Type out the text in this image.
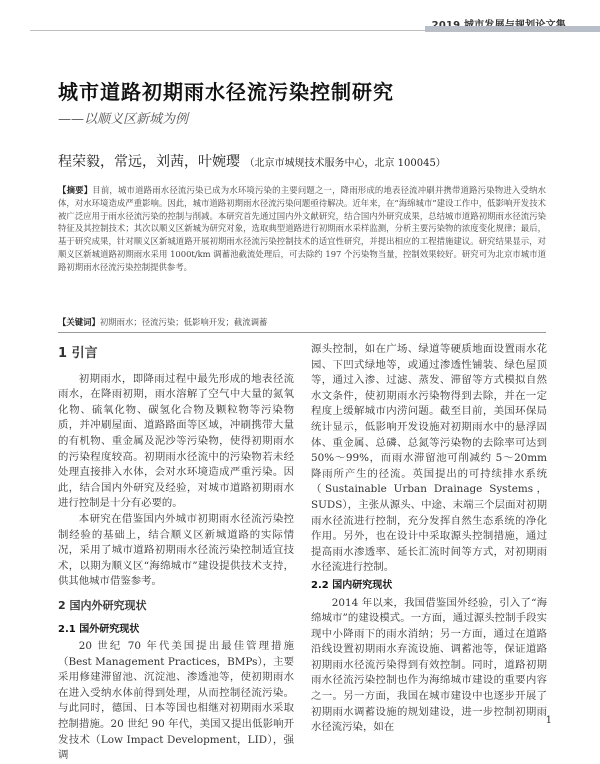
城市道路初期雨水径流污染控制研究

——以顺义区新城为例

程荣毅，常远，刘茜，叶婉璎 （北京市城规技术服务中心，北京 100045）
【摘要】目前，城市道路雨水径流污染已成为水环境污染的主要问题之一，降雨形成的地表径流冲刷并携带道路污染物进入受纳水体，对水环境造成严重影响。因此，城市道路初期雨水径流污染问题亟待解决。近年来，在“海绵城市”建设工作中，低影响开发技术被广泛应用于雨水径流污染的控制与削减。本研究首先通过国内外文献研究，结合国内外研究成果，总结城市道路初期雨水径流污染特征及其控制技术；其次以顺义区新城为研究对象，选取典型道路进行初期雨水采样监测，分析主要污染物的浓度变化规律；最后，基于研究成果，针对顺义区新城道路开展初期雨水径流污染控制技术的适宜性研究，并提出相应的工程措施建议。研究结果显示，对顺义区新城道路初期雨水采用 1000t/km 调蓄池截流处理后，可去除约 197 个污染物当量，控制效果较好。研究可为北京市城市道路初期雨水径流污染控制提供参考。
【关键词】初期雨水；径流污染；低影响开发；截流调蓄
1 引言

初期雨水，即降雨过程中最先形成的地表径流雨水，在降雨初期，雨水溶解了空气中大量的氮氧化物、硫氧化物、碳氢化合物及颗粒物等污染物质，并冲刷屋面、道路路面等区域，冲刷携带大量的有机物、重金属及泥沙等污染物，使得初期雨水的污染程度较高。初期雨水径流中的污染物若未经处理直接排入水体，会对水环境造成严重污染。因此，结合国内外研究及经验，对城市道路初期雨水进行控制是十分有必要的。

本研究在借鉴国内外城市初期雨水径流污染控制经验的基础上，结合顺义区新城道路的实际情况，采用了城市道路初期雨水径流污染控制适宜技术，以期为顺义区“海绵城市”建设提供技术支持，供其他城市借鉴参考。

2 国内外研究现状
2.1 国外研究现状

20 世纪 70 年代美国提出最佳管理措施（Best Management Practices，BMPs），主要采用修建滞留池、沉淀池、渗透池等，使初期雨水在进入受纳水体前得到处理，从而控制径流污染。与此同时，德国、日本等国也相继对初期雨水采取控制措施。20 世纪 90 年代，美国又提出低影响开发技术（Low Impact Development，LID），强调

源头控制，如在广场、绿道等硬质地面设置雨水花园、下凹式绿地等，或通过渗透性铺装、绿色屋顶等，通过入渗、过滤、蒸发、滞留等方式模拟自然水文条件，使初期雨水污染物得到去除，并在一定程度上缓解城市内涝问题。截至目前，美国环保局统计显示，低影响开发设施对初期雨水中的悬浮固体、重金属、总磷、总氮等污染物的去除率可达到 50%～99%，而雨水滞留池可削减约 5～20mm 降雨所产生的径流。英国提出的可持续排水系统（Sustainable Urban Drainage Systems，SUDS），主张从源头、中途、末端三个层面对初期雨水径流进行控制，充分发挥自然生态系统的净化作用。另外，也在设计中采取源头控制措施，通过提高雨水渗透率、延长汇流时间等方式，对初期雨水径流进行控制。

2.2 国内研究现状

2014 年以来，我国借鉴国外经验，引入了“海绵城市”的建设模式。一方面，通过源头控制手段实现中小降雨下的雨水消纳；另一方面，通过在道路沿线设置初期雨水弃流设施、调蓄池等，保证道路初期雨水径流污染得到有效控制。同时，道路初期雨水径流污染控制也作为海绵城市建设的重要内容之一。另一方面，我国在城市建设中也逐步开展了初期雨水调蓄设施的规划建设，进一步控制初期雨水径流污染，如在

1
